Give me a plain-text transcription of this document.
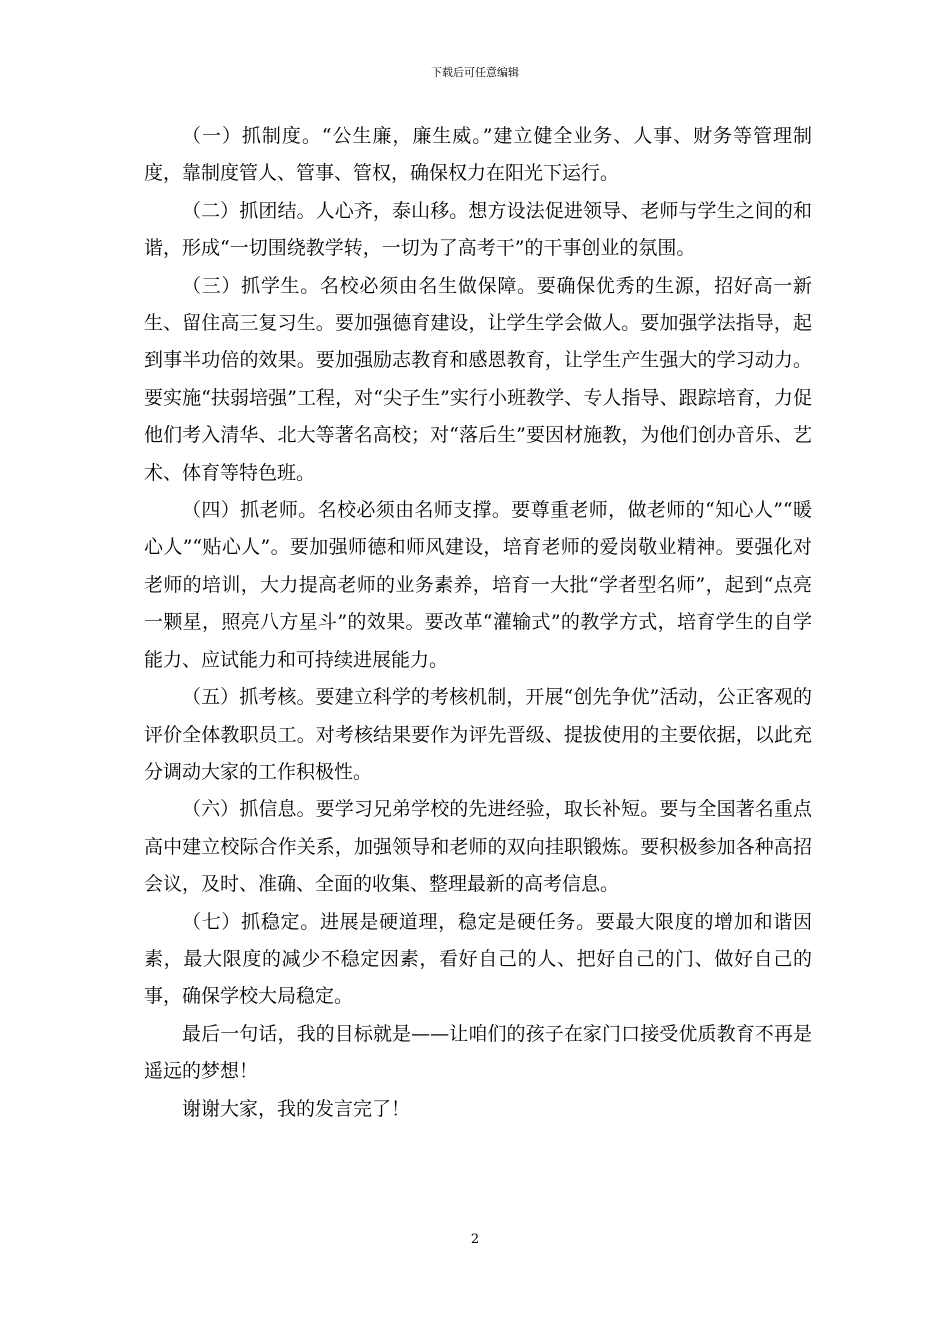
下载后可任意编辑

（一）抓制度。“公生廉，廉生威。”建立健全业务、人事、财务等管理制度，靠制度管人、管事、管权，确保权力在阳光下运行。

（二）抓团结。人心齐，泰山移。想方设法促进领导、老师与学生之间的和谐，形成“一切围绕教学转，一切为了高考干”的干事创业的氛围。

（三）抓学生。名校必须由名生做保障。要确保优秀的生源，招好高一新生、留住高三复习生。要加强德育建设，让学生学会做人。要加强学法指导，起到事半功倍的效果。要加强励志教育和感恩教育，让学生产生强大的学习动力。要实施“扶弱培强”工程，对“尖子生”实行小班教学、专人指导、跟踪培育，力促他们考入清华、北大等著名高校；对“落后生”要因材施教，为他们创办音乐、艺术、体育等特色班。

（四）抓老师。名校必须由名师支撑。要尊重老师，做老师的“知心人”“暖心人”“贴心人”。要加强师德和师风建设，培育老师的爱岗敬业精神。要强化对老师的培训，大力提高老师的业务素养，培育一大批“学者型名师”，起到“点亮一颗星，照亮八方星斗”的效果。要改革“灌输式”的教学方式，培育学生的自学能力、应试能力和可持续进展能力。

（五）抓考核。要建立科学的考核机制，开展“创先争优”活动，公正客观的评价全体教职员工。对考核结果要作为评先晋级、提拔使用的主要依据，以此充分调动大家的工作积极性。

（六）抓信息。要学习兄弟学校的先进经验，取长补短。要与全国著名重点高中建立校际合作关系，加强领导和老师的双向挂职锻炼。要积极参加各种高招会议，及时、准确、全面的收集、整理最新的高考信息。

（七）抓稳定。进展是硬道理，稳定是硬任务。要最大限度的增加和谐因素，最大限度的减少不稳定因素，看好自己的人、把好自己的门、做好自己的事，确保学校大局稳定。

最后一句话，我的目标就是——让咱们的孩子在家门口接受优质教育不再是遥远的梦想！

谢谢大家，我的发言完了！

2
